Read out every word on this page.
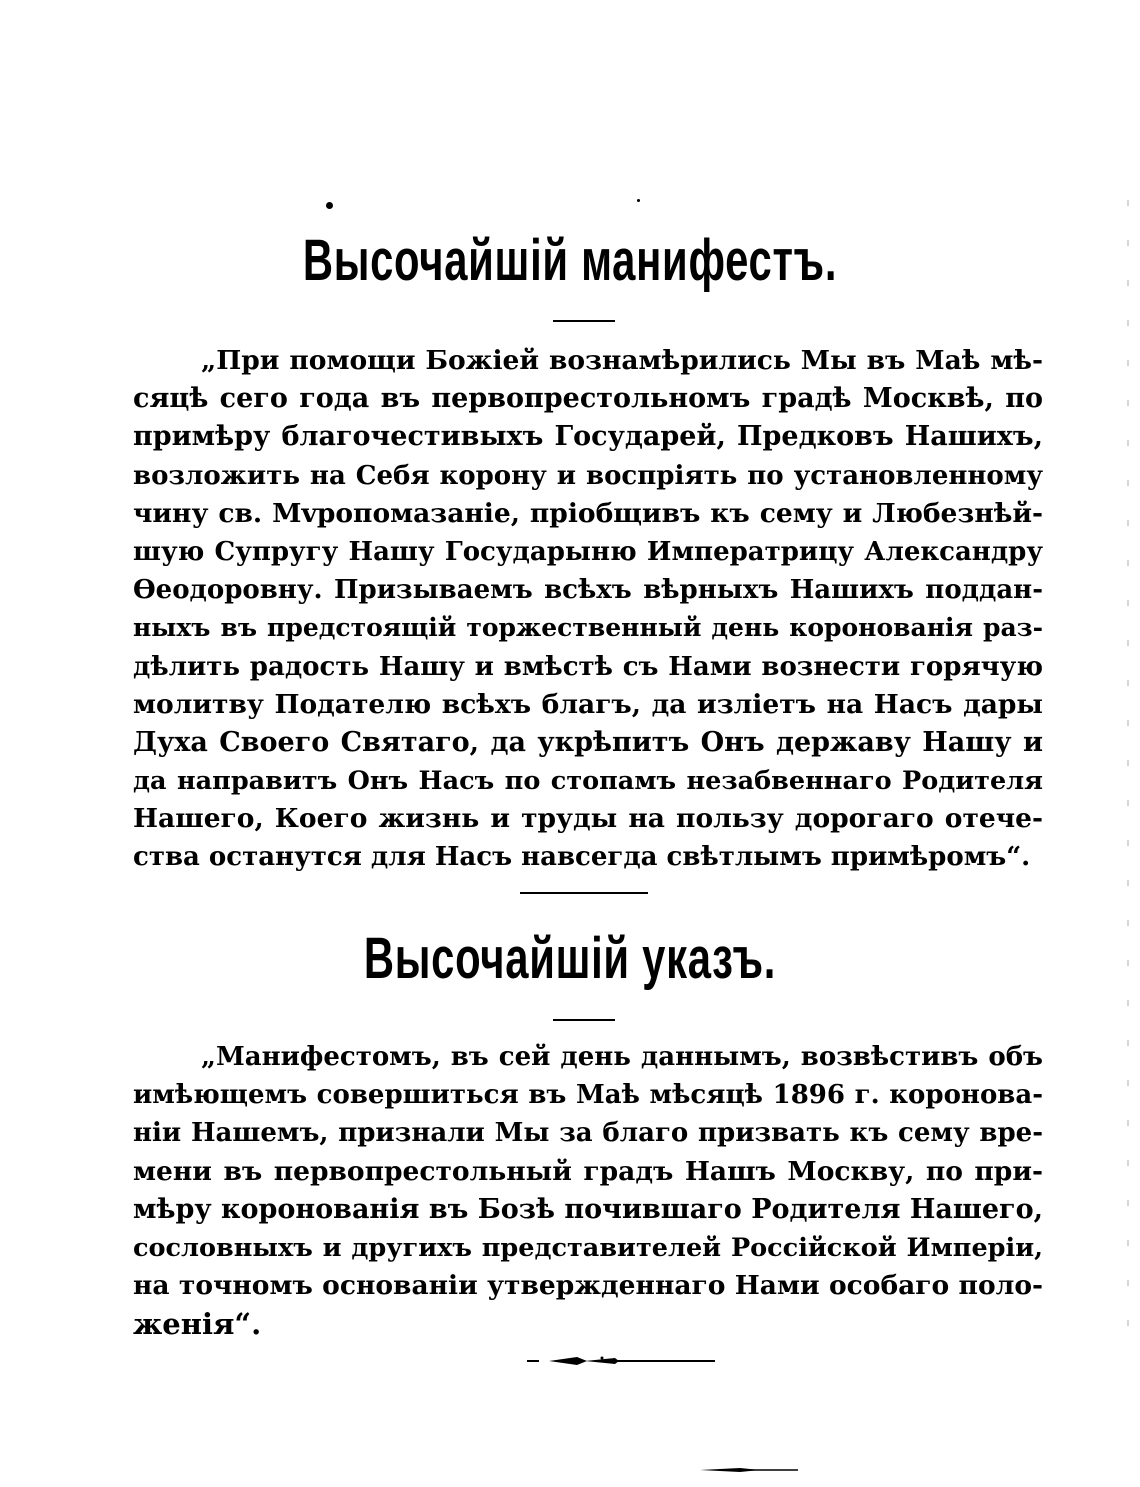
Высочайшій манифестъ.
„При помощи Божіей вознамѣрились Мы въ Маѣ мѣ-
сяцѣ сего года въ первопрестольномъ градѣ Москвѣ, по
примѣру благочестивыхъ Государей, Предковъ Нашихъ,
возложить на Себя корону и воспріять по установленному
чину св. Мvропомазаніе, пріобщивъ къ сему и Любезнѣй-
шую Супругу Нашу Государыню Императрицу Александру
Ѳеодоровну. Призываемъ всѣхъ вѣрныхъ Нашихъ поддан-
ныхъ въ предстоящій торжественный день коронованія раз-
дѣлить радость Нашу и вмѣстѣ съ Нами вознести горячую
молитву Подателю всѣхъ благъ, да изліетъ на Насъ дары
Духа Своего Святаго, да укрѣпитъ Онъ державу Нашу и
да направитъ Онъ Насъ по стопамъ незабвеннаго Родителя
Нашего, Коего жизнь и труды на пользу дорогаго отече-
ства останутся для Насъ навсегда свѣтлымъ примѣромъ“.
Высочайшій указъ.
„Манифестомъ, въ сей день даннымъ, возвѣстивъ объ
имѣющемъ совершиться въ Маѣ мѣсяцѣ 1896 г. коронова-
ніи Нашемъ, признали Мы за благо призвать къ сему вре-
мени въ первопрестольный градъ Нашъ Москву, по при-
мѣру коронованія въ Бозѣ почившаго Родителя Нашего,
сословныхъ и другихъ представителей Россійской Имперіи,
на точномъ основаніи утвержденнаго Нами особаго поло-
женія“.
